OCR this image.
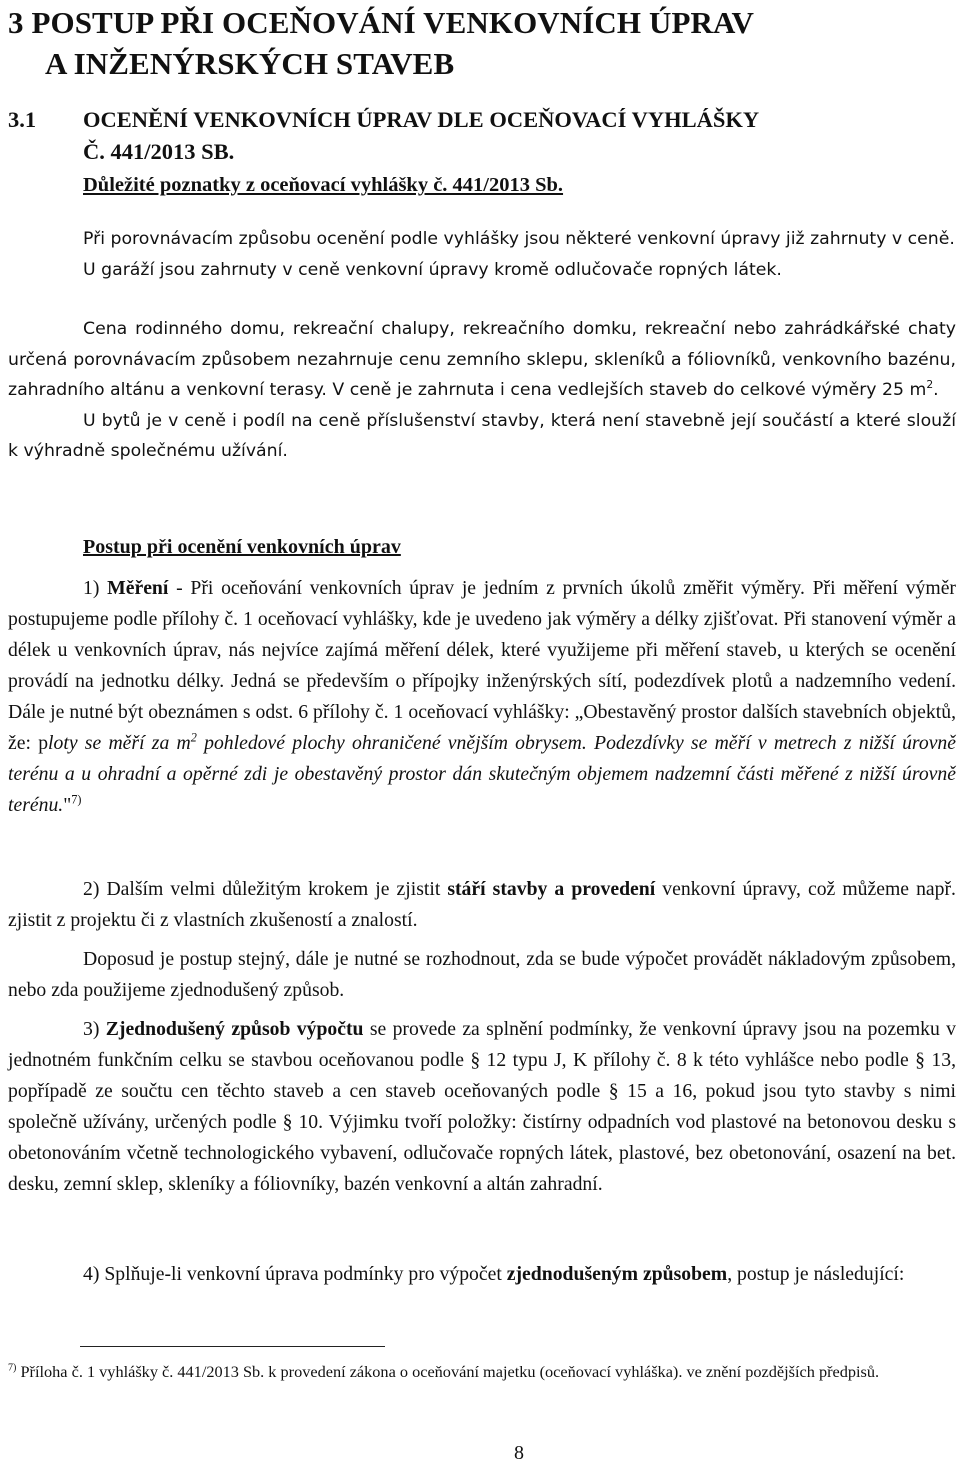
3 POSTUP PŘI OCEŇOVÁNÍ VENKOVNÍCH ÚPRAV
A INŽENÝRSKÝCH STAVEB
3.1 OCENĚNÍ VENKOVNÍCH ÚPRAV DLE OCEŇOVACÍ VYHLÁŠKY
Č. 441/2013 SB.

Důležité poznatky z oceňovací vyhlášky č. 441/2013 Sb.

Při porovnávacím způsobu ocenění podle vyhlášky jsou některé venkovní úpravy již zahrnuty v ceně.

U garáží jsou zahrnuty v ceně venkovní úpravy kromě odlučovače ropných látek.

Cena rodinného domu, rekreační chalupy, rekreačního domku, rekreační nebo zahrádkářské chaty určená porovnávacím způsobem nezahrnuje cenu zemního sklepu, skleníků a fóliovníků, venkovního bazénu, zahradního altánu a venkovní terasy. V ceně je zahrnuta i cena vedlejších staveb do celkové výměry 25 $m^2$.

U bytů je v ceně i podíl na ceně příslušenství stavby, která není stavebně její součástí a které slouží k výhradně společnému užívání.

Postup při ocenění venkovních úprav

1) Měření - Při oceňování venkovních úprav je jedním z prvních úkolů změřit výměry. Při měření výměr postupujeme podle přílohy č. 1 oceňovací vyhlášky, kde je uvedeno jak výměry a délky zjišťovat. Při stanovení výměr a délek u venkovních úprav, nás nejvíce zajímá měření délek, které využijeme při měření staveb, u kterých se ocenění provádí na jednotku délky. Jedná se především o přípojky inženýrských sítí, podezdívek plotů a nadzemního vedení. Dále je nutné být obeznámen s odst. 6 přílohy č. 1 oceňovací vyhlášky: „Obestavěný prostor dalších stavebních objektů, že: ploty se měří za $m^2$ pohledové plochy ohraničené vnějším obrysem. Podezdívky se měří v metrech z nižší úrovně terénu a u ohradní a opěrné zdi je obestavěný prostor dán skutečným objemem nadzemní části měřené z nižší úrovně terénu."$^{7)}$

2) Dalším velmi důležitým krokem je zjistit stáří stavby a provedení venkovní úpravy, což můžeme např. zjistit z projektu či z vlastních zkušeností a znalostí.

Doposud je postup stejný, dále je nutné se rozhodnout, zda se bude výpočet provádět nákladovým způsobem, nebo zda použijeme zjednodušený způsob.

3) Zjednodušený způsob výpočtu se provede za splnění podmínky, že venkovní úpravy jsou na pozemku v jednotném funkčním celku se stavbou oceňovanou podle § 12 typu J, K přílohy č. 8 k této vyhlášce nebo podle § 13, popřípadě ze součtu cen těchto staveb a cen staveb oceňovaných podle § 15 a 16, pokud jsou tyto stavby s nimi společně užívány, určených podle § 10. Výjimku tvoří položky: čistírny odpadních vod plastové na betonovou desku s obetonováním včetně technologického vybavení, odlučovače ropných látek, plastové, bez obetonování, osazení na bet. desku, zemní sklep, skleníky a fóliovníky, bazén venkovní a altán zahradní.

4) Splňuje-li venkovní úprava podmínky pro výpočet zjednodušeným způsobem, postup je následující:

$^{7)}$ Příloha č. 1 vyhlášky č. 441/2013 Sb. k provedení zákona o oceňování majetku (oceňovací vyhláška). ve znění pozdějších předpisů.

8
